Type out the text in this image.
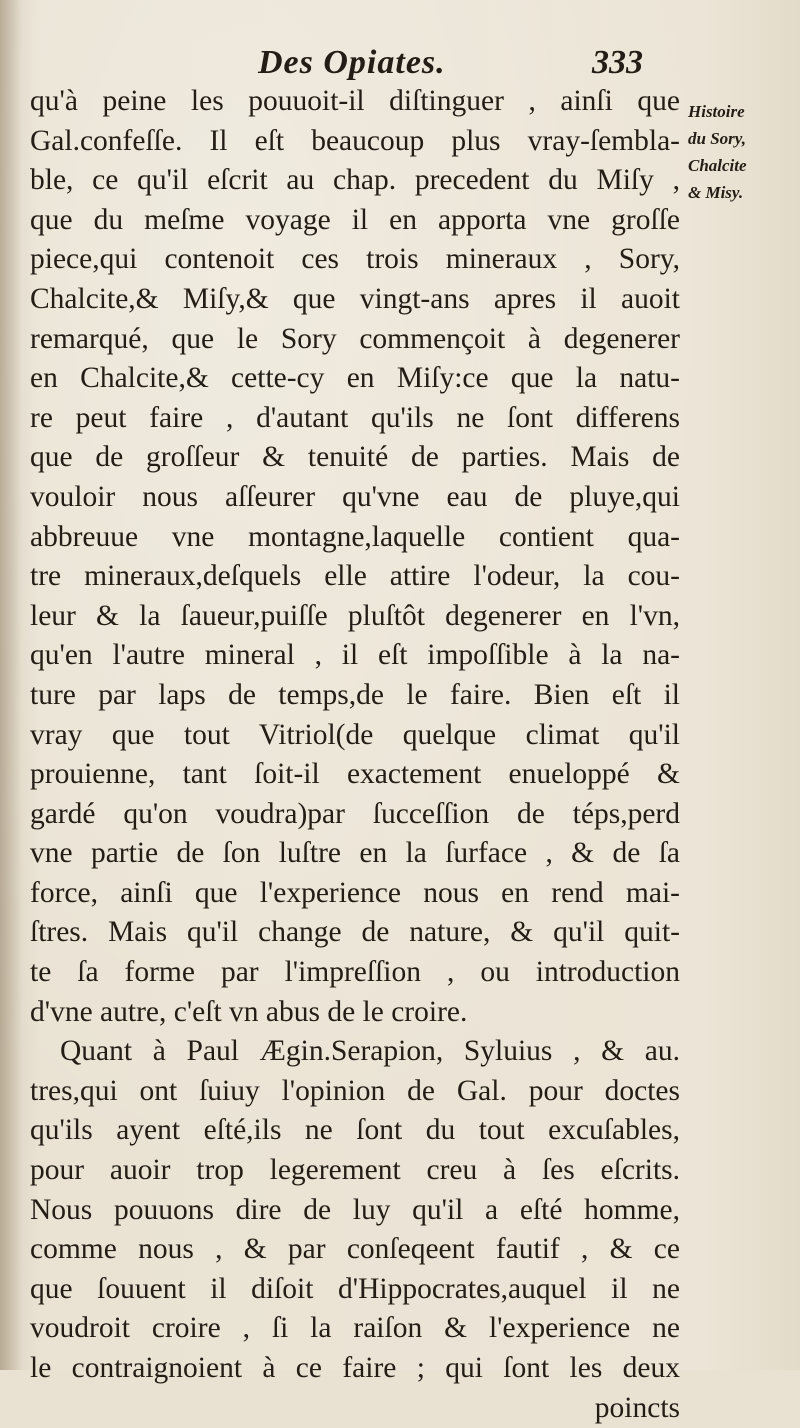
Des Opiates.	333
Histoire
du Sory,
Chalcite
& Misy.
qu'à peine les pouuoit-il diſtinguer , ainſi que
Gal.confeſſe. Il eſt beaucoup plus vray-ſembla-
ble, ce qu'il eſcrit au chap. precedent du Miſy ,
que du meſme voyage il en apporta vne groſſe
piece,qui contenoit ces trois mineraux , Sory,
Chalcite,& Miſy,& que vingt-ans apres il auoit
remarqué, que le Sory commençoit à degenerer
en Chalcite,& cette-cy en Miſy:ce que la natu-
re peut faire , d'autant qu'ils ne ſont differens
que de groſſeur & tenuité de parties. Mais de
vouloir nous aſſeurer qu'vne eau de pluye,qui
abbreuue vne montagne,laquelle contient qua-
tre mineraux,deſquels elle attire l'odeur, la cou-
leur & la ſaueur,puiſſe pluſtôt degenerer en l'vn,
qu'en l'autre mineral , il eſt impoſſible à la na-
ture par laps de temps,de le faire. Bien eſt il
vray que tout Vitriol(de quelque climat qu'il
prouienne, tant ſoit-il exactement enueloppé &
gardé qu'on voudra)par ſucceſſion de téps,perd
vne partie de ſon luſtre en la ſurface , & de ſa
force, ainſi que l'experience nous en rend mai-
ſtres. Mais qu'il change de nature, & qu'il quit-
te ſa forme par l'impreſſion , ou introduction
d'vne autre, c'eſt vn abus de le croire.
Quant à Paul Ægin.Serapion, Syluius , & au.
tres,qui ont ſuiuy l'opinion de Gal. pour doctes
qu'ils ayent eſté,ils ne ſont du tout excuſables,
pour auoir trop legerement creu à ſes eſcrits.
Nous pouuons dire de luy qu'il a eſté homme,
comme nous , & par conſeqeent fautif , & ce
que ſouuent il diſoit d'Hippocrates,auquel il ne
voudroit croire , ſi la raiſon & l'experience ne
le contraignoient à ce faire ; qui ſont les deux
poincts
